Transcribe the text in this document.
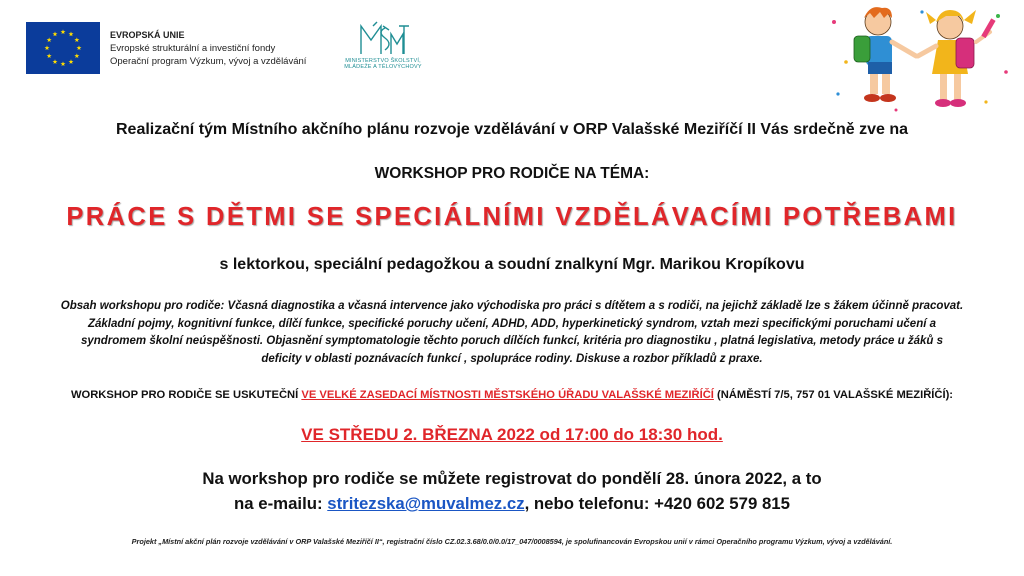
EVROPSKÁ UNIE
Evropské strukturální a investiční fondy
Operační program Výzkum, vývoj a vzdělávání	MINISTERSTVO ŠKOLSTVÍ,
MLÁDEŽE A TĚLOVÝCHOVY
Realizační tým Místního akčního plánu rozvoje vzdělávání v ORP Valašské Meziříčí II Vás srdečně zve na
WORKSHOP PRO RODIČE NA TÉMA:
PRÁCE S DĚTMI SE SPECIÁLNÍMI VZDĚLÁVACÍMI POTŘEBAMI
s lektorkou, speciální pedagožkou a soudní znalkyní Mgr. Marikou Kropíkovu
Obsah workshopu pro rodiče: Včasná diagnostika a včasná intervence jako východiska pro práci s dítětem a s rodiči, na jejichž základě lze s žákem účinně pracovat.
Základní pojmy, kognitivní funkce, dílčí funkce, specifické poruchy učení, ADHD, ADD, hyperkinetický syndrom, vztah mezi specifickými poruchami učení a
syndromem školní neúspěšnosti. Objasnění symptomatologie těchto poruch dílčích funkcí, kritéria pro diagnostiku , platná legislativa, metody práce u žáků s
deficity v oblasti poznávacích funkcí , spolupráce rodiny. Diskuse a rozbor příkladů z praxe.
WORKSHOP PRO RODIČE SE USKUTEČNÍ VE VELKÉ ZASEDACÍ MÍSTNOSTI MĚSTSKÉHO ÚŘADU VALAŠSKÉ MEZIŘÍČÍ (NÁMĚSTÍ 7/5, 757 01 VALAŠSKÉ MEZIŘÍČÍ):
VE STŘEDU 2. BŘEZNA 2022 od 17:00 do 18:30 hod.
Na workshop pro rodiče se můžete registrovat do pondělí 28. února 2022, a to
na e-mailu: stritezska@muvalmez.cz, nebo telefonu: +420 602 579 815
Projekt „Místní akční plán rozvoje vzdělávání v ORP Valašské Meziříčí II“, registrační číslo CZ.02.3.68/0.0/0.0/17_047/0008594, je spolufinancován Evropskou unií v rámci Operačního programu Výzkum, vývoj a vzdělávání.
